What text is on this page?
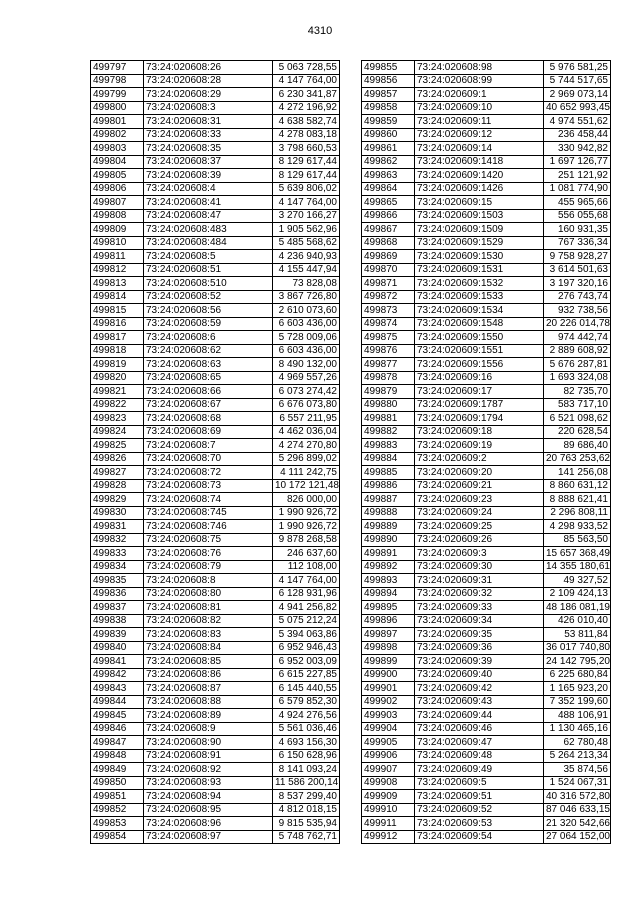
4310
499797	73:24:020608:26	5 063 728,55
499798	73:24:020608:28	4 147 764,00
499799	73:24:020608:29	6 230 341,87
499800	73:24:020608:3	4 272 196,92
499801	73:24:020608:31	4 638 582,74
499802	73:24:020608:33	4 278 083,18
499803	73:24:020608:35	3 798 660,53
499804	73:24:020608:37	8 129 617,44
499805	73:24:020608:39	8 129 617,44
499806	73:24:020608:4	5 639 806,02
499807	73:24:020608:41	4 147 764,00
499808	73:24:020608:47	3 270 166,27
499809	73:24:020608:483	1 905 562,96
499810	73:24:020608:484	5 485 568,62
499811	73:24:020608:5	4 236 940,93
499812	73:24:020608:51	4 155 447,94
499813	73:24:020608:510	73 828,08
499814	73:24:020608:52	3 867 726,80
499815	73:24:020608:56	2 610 073,60
499816	73:24:020608:59	6 603 436,00
499817	73:24:020608:6	5 728 009,06
499818	73:24:020608:62	6 603 436,00
499819	73:24:020608:63	8 490 132,00
499820	73:24:020608:65	4 969 557,26
499821	73:24:020608:66	6 073 274,42
499822	73:24:020608:67	6 676 073,80
499823	73:24:020608:68	6 557 211,95
499824	73:24:020608:69	4 462 036,04
499825	73:24:020608:7	4 274 270,80
499826	73:24:020608:70	5 296 899,02
499827	73:24:020608:72	4 111 242,75
499828	73:24:020608:73	10 172 121,48
499829	73:24:020608:74	826 000,00
499830	73:24:020608:745	1 990 926,72
499831	73:24:020608:746	1 990 926,72
499832	73:24:020608:75	9 878 268,58
499833	73:24:020608:76	246 637,60
499834	73:24:020608:79	112 108,00
499835	73:24:020608:8	4 147 764,00
499836	73:24:020608:80	6 128 931,96
499837	73:24:020608:81	4 941 256,82
499838	73:24:020608:82	5 075 212,24
499839	73:24:020608:83	5 394 063,86
499840	73:24:020608:84	6 952 946,43
499841	73:24:020608:85	6 952 003,09
499842	73:24:020608:86	6 615 227,85
499843	73:24:020608:87	6 145 440,55
499844	73:24:020608:88	6 579 852,30
499845	73:24:020608:89	4 924 276,56
499846	73:24:020608:9	5 561 036,46
499847	73:24:020608:90	4 693 156,30
499848	73:24:020608:91	6 150 628,96
499849	73:24:020608:92	8 141 093,24
499850	73:24:020608:93	11 586 200,14
499851	73:24:020608:94	8 537 299,40
499852	73:24:020608:95	4 812 018,15
499853	73:24:020608:96	9 815 535,94
499854	73:24:020608:97	5 748 762,71
499855	73:24:020608:98	5 976 581,25
499856	73:24:020608:99	5 744 517,65
499857	73:24:020609:1	2 969 073,14
499858	73:24:020609:10	40 652 993,45
499859	73:24:020609:11	4 974 551,62
499860	73:24:020609:12	236 458,44
499861	73:24:020609:14	330 942,82
499862	73:24:020609:1418	1 697 126,77
499863	73:24:020609:1420	251 121,92
499864	73:24:020609:1426	1 081 774,90
499865	73:24:020609:15	455 965,66
499866	73:24:020609:1503	556 055,68
499867	73:24:020609:1509	160 931,35
499868	73:24:020609:1529	767 336,34
499869	73:24:020609:1530	9 758 928,27
499870	73:24:020609:1531	3 614 501,63
499871	73:24:020609:1532	3 197 320,16
499872	73:24:020609:1533	276 743,74
499873	73:24:020609:1534	932 738,56
499874	73:24:020609:1548	20 226 014,78
499875	73:24:020609:1550	974 442,74
499876	73:24:020609:1551	2 889 608,92
499877	73:24:020609:1556	5 676 287,81
499878	73:24:020609:16	1 693 324,08
499879	73:24:020609:17	82 735,70
499880	73:24:020609:1787	583 717,10
499881	73:24:020609:1794	6 521 098,62
499882	73:24:020609:18	220 628,54
499883	73:24:020609:19	89 686,40
499884	73:24:020609:2	20 763 253,62
499885	73:24:020609:20	141 256,08
499886	73:24:020609:21	8 860 631,12
499887	73:24:020609:23	8 888 621,41
499888	73:24:020609:24	2 296 808,11
499889	73:24:020609:25	4 298 933,52
499890	73:24:020609:26	85 563,50
499891	73:24:020609:3	15 657 368,49
499892	73:24:020609:30	14 355 180,61
499893	73:24:020609:31	49 327,52
499894	73:24:020609:32	2 109 424,13
499895	73:24:020609:33	48 186 081,19
499896	73:24:020609:34	426 010,40
499897	73:24:020609:35	53 811,84
499898	73:24:020609:36	36 017 740,80
499899	73:24:020609:39	24 142 795,20
499900	73:24:020609:40	6 225 680,84
499901	73:24:020609:42	1 165 923,20
499902	73:24:020609:43	7 352 199,60
499903	73:24:020609:44	488 106,91
499904	73:24:020609:46	1 130 465,16
499905	73:24:020609:47	62 780,48
499906	73:24:020609:48	5 264 213,34
499907	73:24:020609:49	35 874,56
499908	73:24:020609:5	1 524 067,31
499909	73:24:020609:51	40 316 572,80
499910	73:24:020609:52	87 046 633,15
499911	73:24:020609:53	21 320 542,66
499912	73:24:020609:54	27 064 152,00
